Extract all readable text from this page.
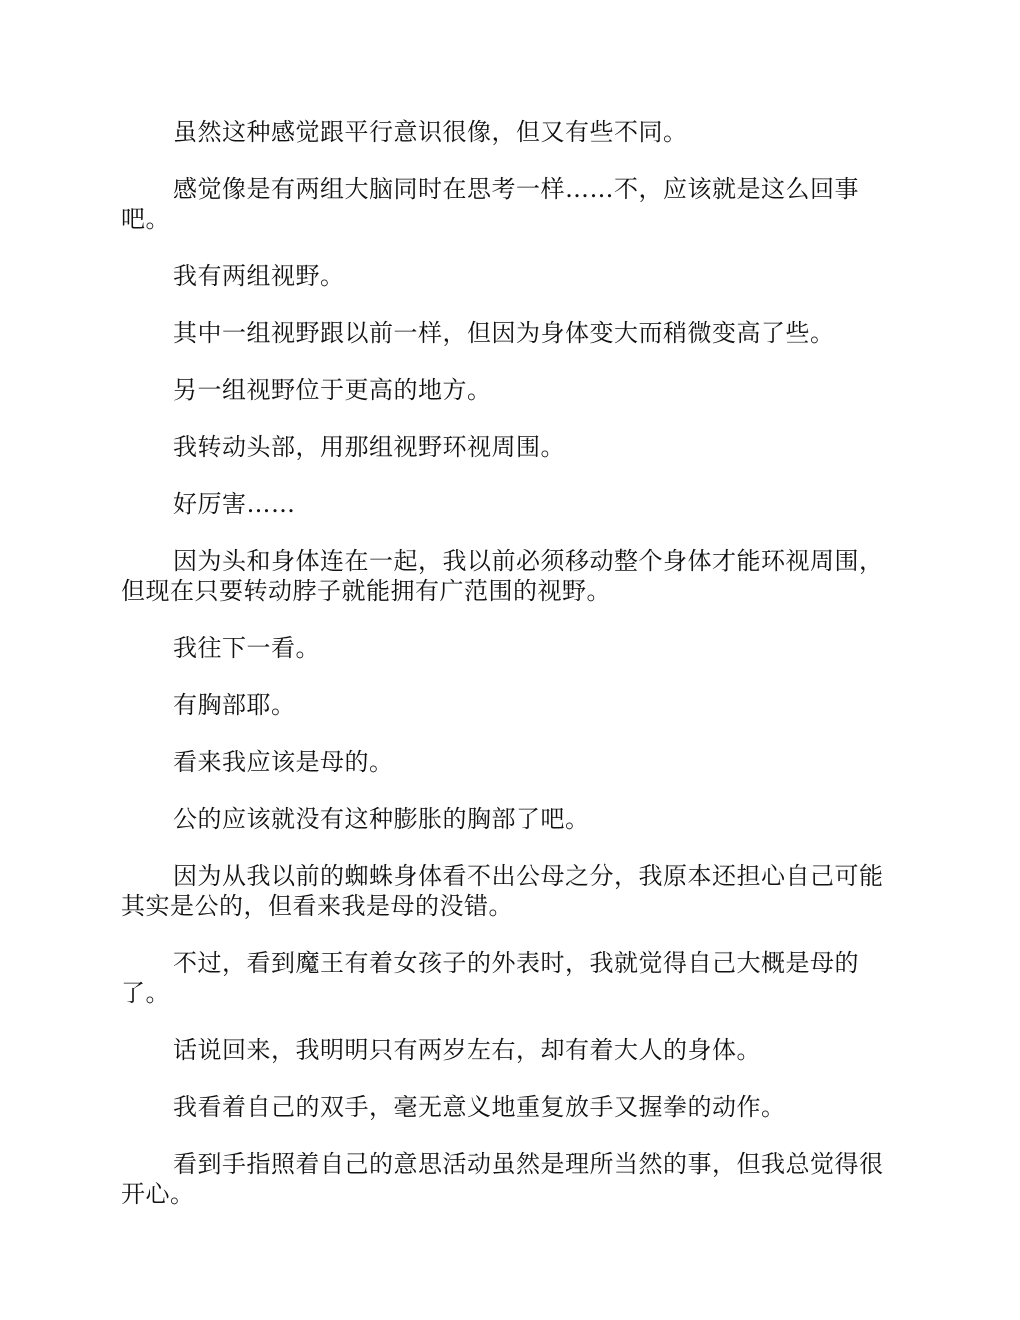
虽然这种感觉跟平行意识很像，但又有些不同。

感觉像是有两组大脑同时在思考一样……不，应该就是这么回事吧。

我有两组视野。

其中一组视野跟以前一样，但因为身体变大而稍微变高了些。

另一组视野位于更高的地方。

我转动头部，用那组视野环视周围。

好厉害……

因为头和身体连在一起，我以前必须移动整个身体才能环视周围，但现在只要转动脖子就能拥有广范围的视野。

我往下一看。

有胸部耶。

看来我应该是母的。

公的应该就没有这种膨胀的胸部了吧。

因为从我以前的蜘蛛身体看不出公母之分，我原本还担心自己可能其实是公的，但看来我是母的没错。

不过，看到魔王有着女孩子的外表时，我就觉得自己大概是母的了。

话说回来，我明明只有两岁左右，却有着大人的身体。

我看着自己的双手，毫无意义地重复放手又握拳的动作。

看到手指照着自己的意思活动虽然是理所当然的事，但我总觉得很开心。
